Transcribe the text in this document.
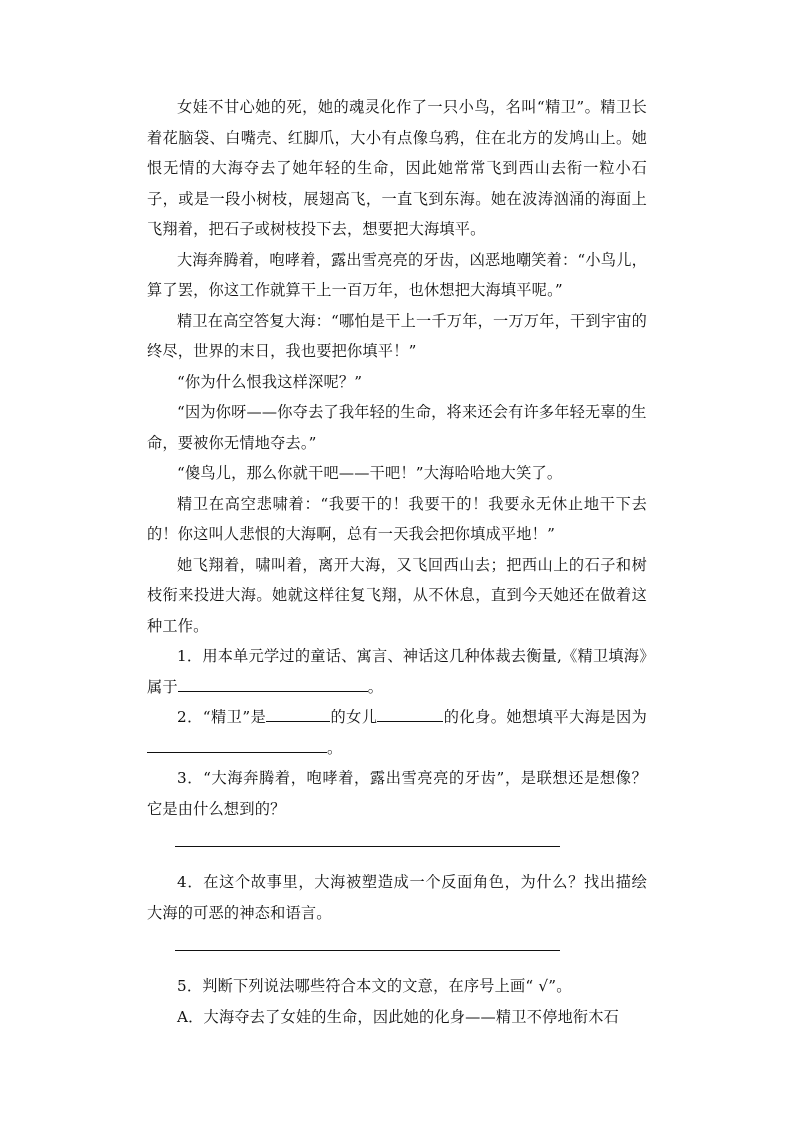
女娃不甘心她的死，她的魂灵化作了一只小鸟，名叫“精卫”。精卫长着花脑袋、白嘴壳、红脚爪，大小有点像乌鸦，住在北方的发鸠山上。她恨无情的大海夺去了她年轻的生命，因此她常常飞到西山去衔一粒小石子，或是一段小树枝，展翅高飞，一直飞到东海。她在波涛汹涌的海面上飞翔着，把石子或树枝投下去，想要把大海填平。

大海奔腾着，咆哮着，露出雪亮亮的牙齿，凶恶地嘲笑着：“小鸟儿，算了罢，你这工作就算干上一百万年，也休想把大海填平呢。”

精卫在高空答复大海：“哪怕是干上一千万年，一万万年，干到宇宙的终尽，世界的末日，我也要把你填平！”

“你为什么恨我这样深呢？”

“因为你呀——你夺去了我年轻的生命，将来还会有许多年轻无辜的生命，要被你无情地夺去。”

“傻鸟儿，那么你就干吧——干吧！”大海哈哈地大笑了。

精卫在高空悲啸着：“我要干的！我要干的！我要永无休止地干下去的！你这叫人悲恨的大海啊，总有一天我会把你填成平地！”

她飞翔着，啸叫着，离开大海，又飞回西山去；把西山上的石子和树枝衔来投进大海。她就这样往复飞翔，从不休息，直到今天她还在做着这种工作。

1．用本单元学过的童话、寓言、神话这几种体裁去衡量,《精卫填海》属于	。

2．“精卫”是	的女儿	的化身。她想填平大海是因为。

3．“大海奔腾着，咆哮着，露出雪亮亮的牙齿”，是联想还是想像？它是由什么想到的？

4．在这个故事里，大海被塑造成一个反面角色，为什么？找出描绘大海的可恶的神态和语言。

5．判断下列说法哪些符合本文的文意，在序号上画“ √”。

A．大海夺去了女娃的生命，因此她的化身——精卫不停地衔木石
